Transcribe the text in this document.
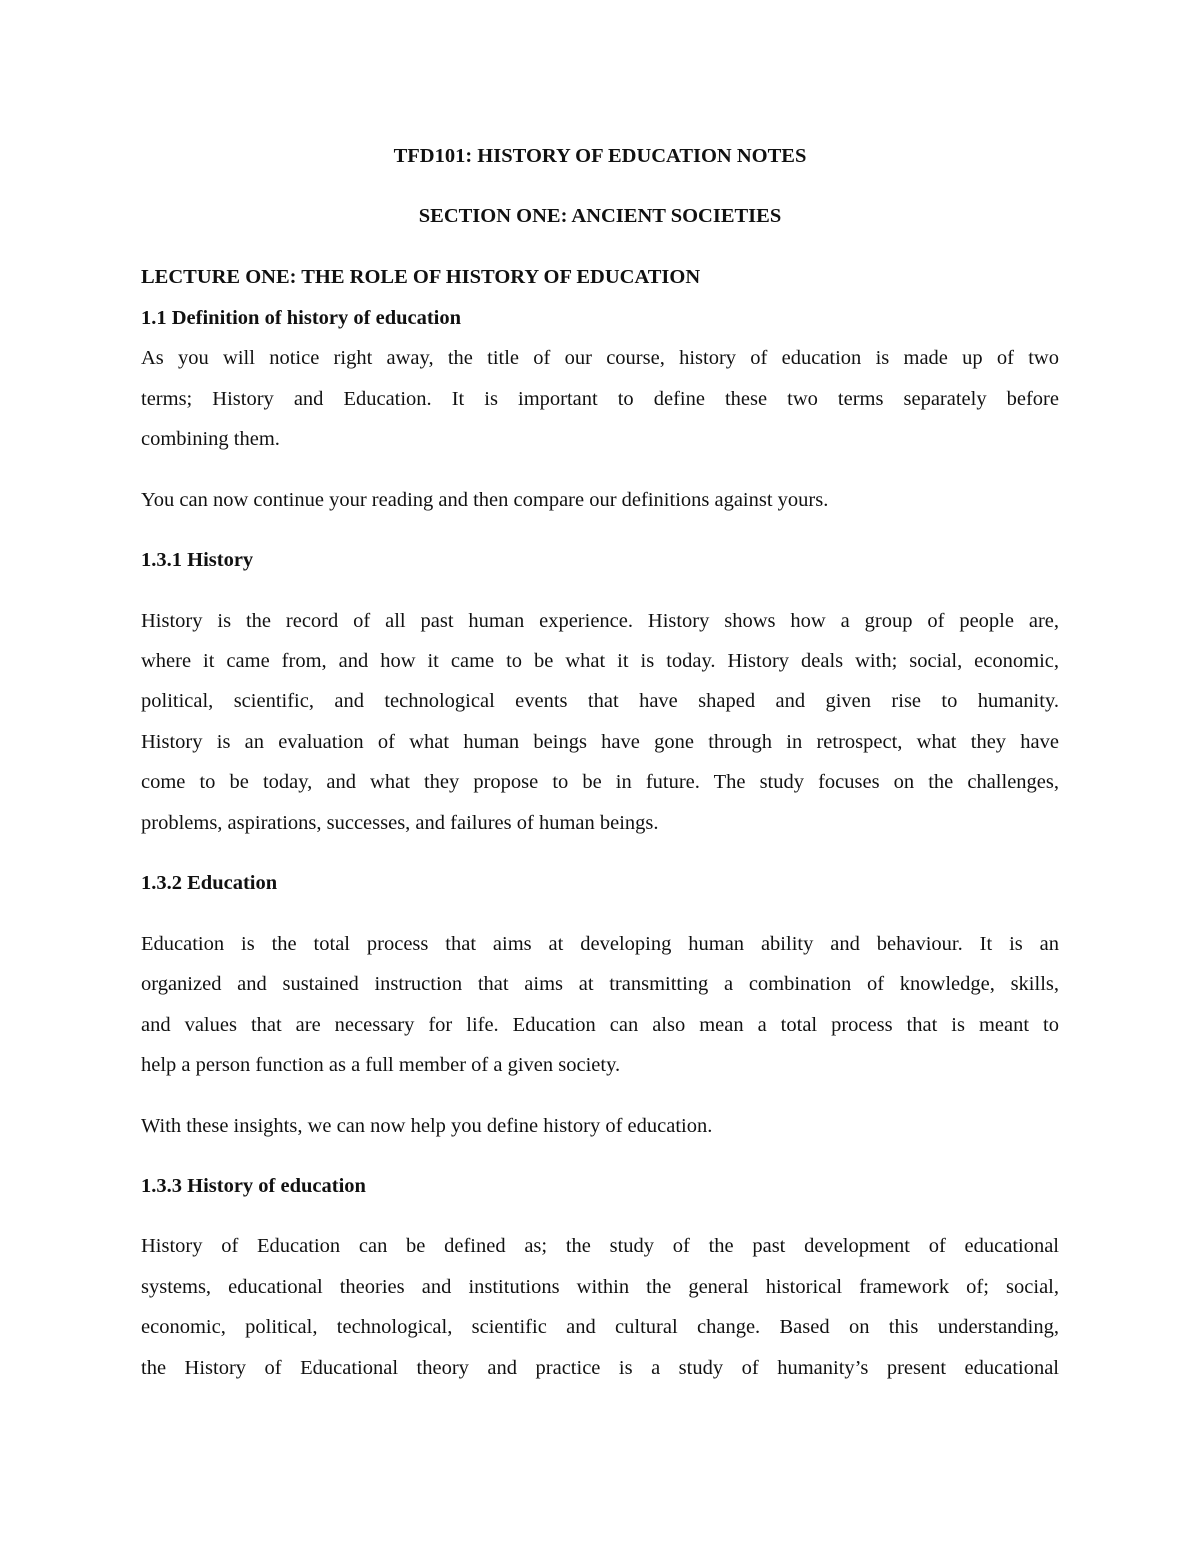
TFD101: HISTORY OF EDUCATION NOTES
SECTION ONE: ANCIENT SOCIETIES
LECTURE ONE: THE ROLE OF HISTORY OF EDUCATION
1.1 Definition of history of education
As you will notice right away, the title of our course, history of education is made up of two
terms; History and Education. It is important to define these two terms separately before
combining them.
You can now continue your reading and then compare our definitions against yours.
1.3.1 History
History is the record of all past human experience. History shows how a group of people are,
where it came from, and how it came to be what it is today. History deals with; social, economic,
political, scientific, and technological events that have shaped and given rise to humanity.
History is an evaluation of what human beings have gone through in retrospect, what they have
come to be today, and what they propose to be in future. The study focuses on the challenges,
problems, aspirations, successes, and failures of human beings.
1.3.2 Education
Education is the total process that aims at developing human ability and behaviour. It is an
organized and sustained instruction that aims at transmitting a combination of knowledge, skills,
and values that are necessary for life. Education can also mean a total process that is meant to
help a person function as a full member of a given society.
With these insights, we can now help you define history of education.
1.3.3 History of education
History of Education can be defined as; the study of the past development of educational
systems, educational theories and institutions within the general historical framework of; social,
economic, political, technological, scientific and cultural change. Based on this understanding,
the History of Educational theory and practice is a study of humanity’s present educational
